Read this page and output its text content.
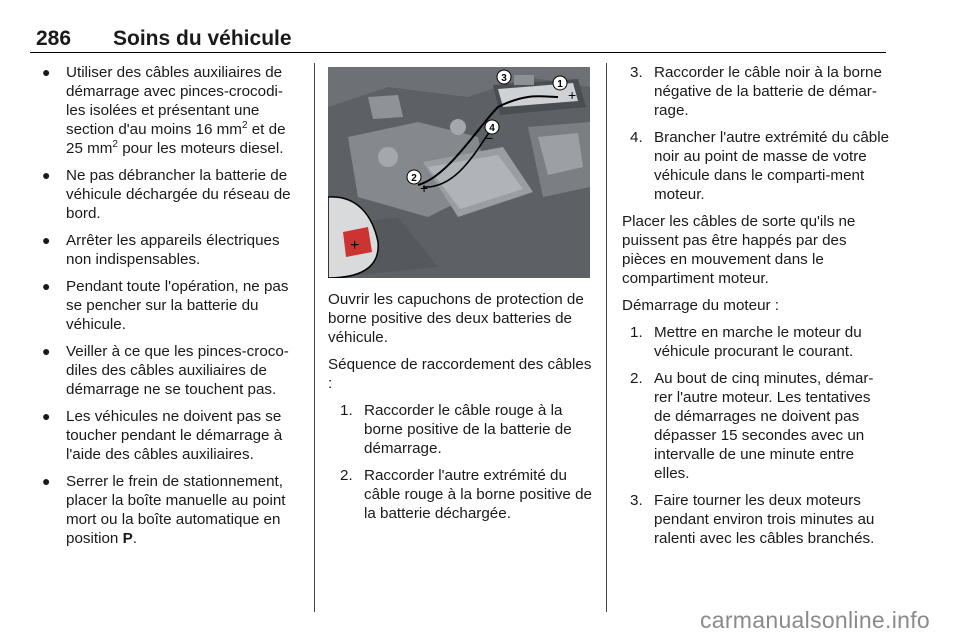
286 Soins du véhicule
● Utiliser des câbles auxiliaires de démarrage avec pinces-crocodi-les isolées et présentant une section d'au moins 16 $mm^2$ et de 25 $mm^2$ pour les moteurs diesel.
● Ne pas débrancher la batterie de véhicule déchargée du réseau de bord.
● Arrêter les appareils électriques non indispensables.
● Pendant toute l'opération, ne pas se pencher sur la batterie du véhicule.
● Veiller à ce que les pinces-croco-diles des câbles auxiliaires de démarrage ne se touchent pas.
● Les véhicules ne doivent pas se toucher pendant le démarrage à l'aide des câbles auxiliaires.
● Serrer le frein de stationnement, placer la boîte manuelle au point mort ou la boîte automatique en position P.
+
1
+
3
4
−
2
+

Ouvrir les capuchons de protection de borne positive des deux batteries de véhicule.

Séquence de raccordement des câbles :

1. Raccorder le câble rouge à la borne positive de la batterie de démarrage.
2. Raccorder l'autre extrémité du câble rouge à la borne positive de la batterie déchargée.
3. Raccorder le câble noir à la borne négative de la batterie de démar-rage.
4. Brancher l'autre extrémité du câble noir au point de masse de votre véhicule dans le comparti-ment moteur.

Placer les câbles de sorte qu'ils ne puissent pas être happés par des pièces en mouvement dans le compartiment moteur.

Démarrage du moteur :

1. Mettre en marche le moteur du véhicule procurant le courant.
2. Au bout de cinq minutes, démar-rer l'autre moteur. Les tentatives de démarrages ne doivent pas dépasser 15 secondes avec un intervalle de une minute entre elles.
3. Faire tourner les deux moteurs pendant environ trois minutes au ralenti avec les câbles branchés.
carmanualsonline.info
